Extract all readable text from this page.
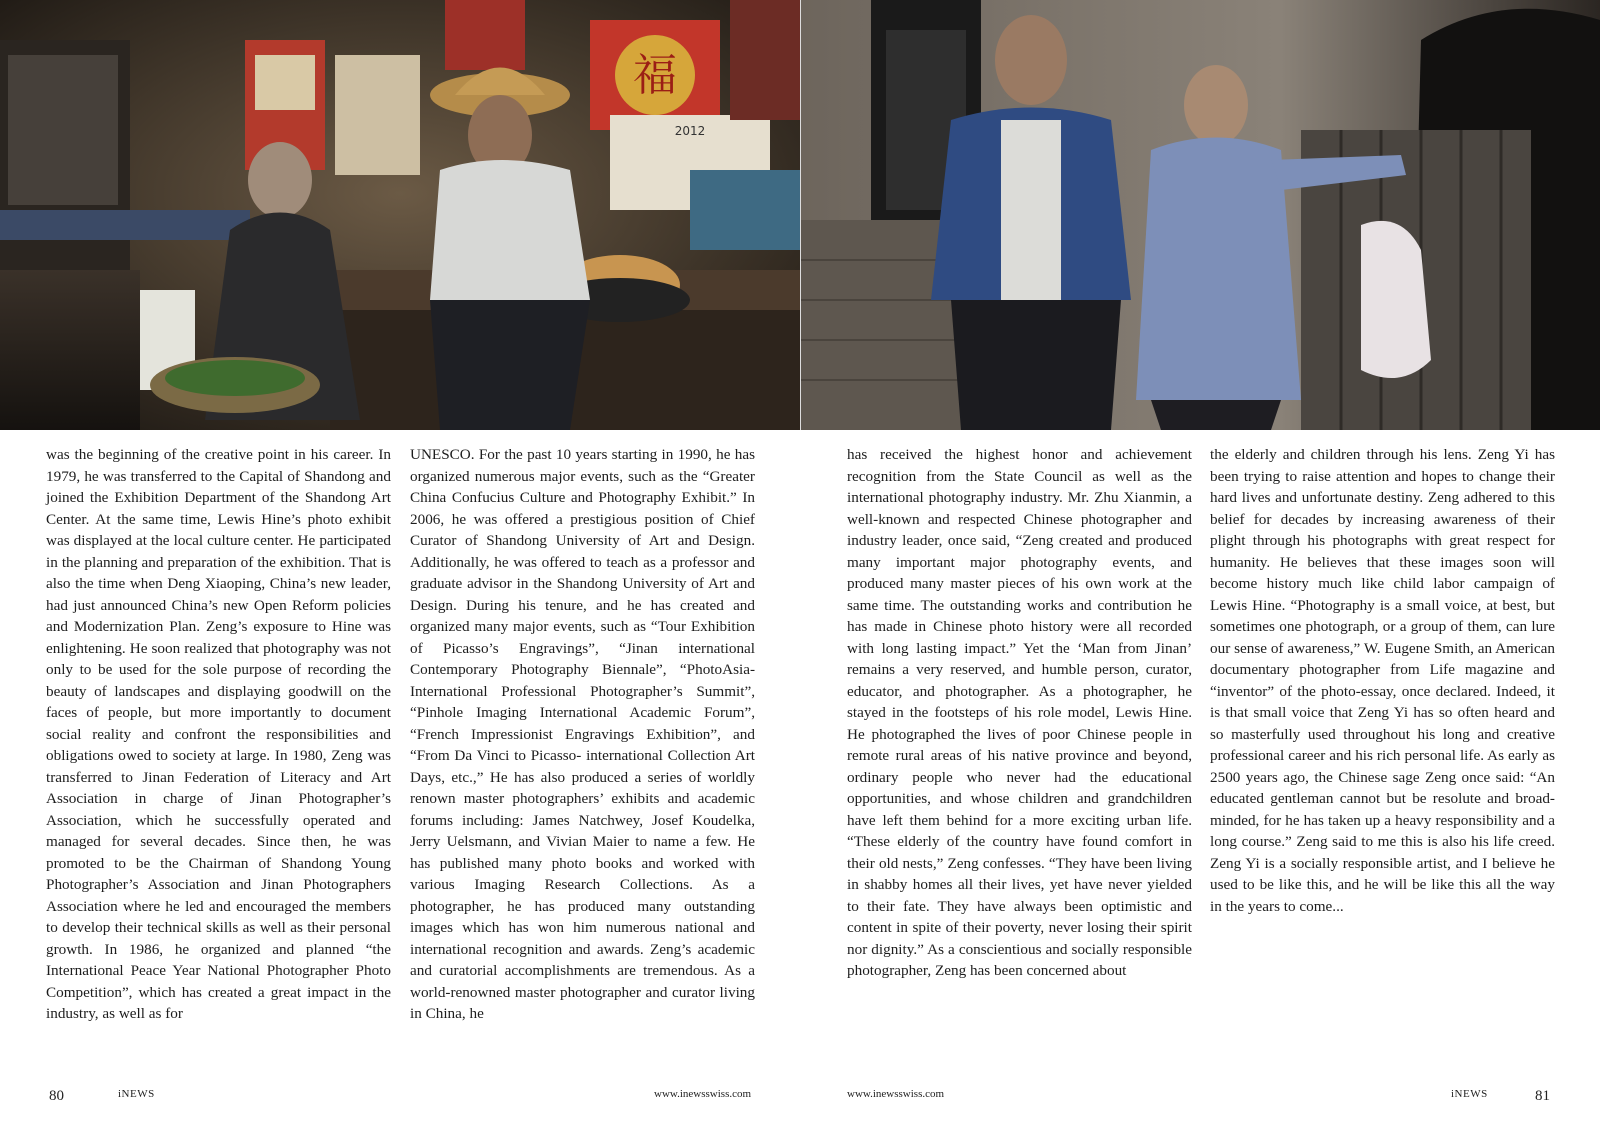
福
2012

was the beginning of the creative point in his career. In 1979, he was transferred to the Capital of Shandong and joined the Exhibition Department of the Shandong Art Center. At the same time, Lewis Hine’s photo exhibit was displayed at the local culture center. He participated in the planning and preparation of the exhibition. That is also the time when Deng Xiaoping, China’s new leader, had just announced China’s new Open Reform policies and Modernization Plan. Zeng’s exposure to Hine was enlightening. He soon realized that photography was not only to be used for the sole purpose of recording the beauty of landscapes and displaying goodwill on the faces of people, but more importantly to document social reality and confront the responsibilities and obligations owed to society at large. In 1980, Zeng was transferred to Jinan Federation of Literacy and Art Association in charge of Jinan Photographer’s Association, which he successfully operated and managed for several decades. Since then, he was promoted to be the Chairman of Shandong Young Photographer’s Association and Jinan Photographers Association where he led and encouraged the members to develop their technical skills as well as their personal growth. In 1986, he organized and planned “the International Peace Year National Photographer Photo Competition”, which has created a great impact in the industry, as well as for

UNESCO. For the past 10 years starting in 1990, he has organized numerous major events, such as the “Greater China Confucius Culture and Photography Exhibit.” In 2006, he was offered a prestigious position of Chief Curator of Shandong University of Art and Design. Additionally, he was offered to teach as a professor and graduate advisor in the Shandong University of Art and Design. During his tenure, and he has created and organized many major events, such as “Tour Exhibition of Picasso’s Engravings”, “Jinan international Contemporary Photography Biennale”, “PhotoAsia-International Professional Photographer’s Summit”, “Pinhole Imaging International Academic Forum”, “French Impressionist Engravings Exhibition”, and “From Da Vinci to Picasso- international Collection Art Days, etc.,” He has also produced a series of worldly renown master photographers’ exhibits and academic forums including: James Natchwey, Josef Koudelka, Jerry Uelsmann, and Vivian Maier to name a few. He has published many photo books and worked with various Imaging Research Collections. As a photographer, he has produced many outstanding images which has won him numerous national and international recognition and awards. Zeng’s academic and curatorial accomplishments are tremendous. As a world-renowned master photographer and curator living in China, he

has received the highest honor and achievement recognition from the State Council as well as the international photography industry. Mr. Zhu Xianmin, a well-known and respected Chinese photographer and industry leader, once said, “Zeng created and produced many important major photography events, and produced many master pieces of his own work at the same time. The outstanding works and contribution he has made in Chinese photo history were all recorded with long lasting impact.” Yet the ‘Man from Jinan’ remains a very reserved, and humble person, curator, educator, and photographer. As a photographer, he stayed in the footsteps of his role model, Lewis Hine. He photographed the lives of poor Chinese people in remote rural areas of his native province and beyond, ordinary people who never had the educational opportunities, and whose children and grandchildren have left them behind for a more exciting urban life. “These elderly of the country have found comfort in their old nests,” Zeng confesses. “They have been living in shabby homes all their lives, yet have never yielded to their fate. They have always been optimistic and content in spite of their poverty, never losing their spirit nor dignity.” As a conscientious and socially responsible photographer, Zeng has been concerned about

the elderly and children through his lens. Zeng Yi has been trying to raise attention and hopes to change their hard lives and unfortunate destiny. Zeng adhered to this belief for decades by increasing awareness of their plight through his photographs with great respect for humanity. He believes that these images soon will become history much like child labor campaign of Lewis Hine. “Photography is a small voice, at best, but sometimes one photograph, or a group of them, can lure our sense of awareness,” W. Eugene Smith, an American documentary photographer from Life magazine and “inventor” of the photo-essay, once declared. Indeed, it is that small voice that Zeng Yi has so often heard and so masterfully used throughout his long and creative professional career and his rich personal life. As early as 2500 years ago, the Chinese sage Zeng once said: “An educated gentleman cannot but be resolute and broad-minded, for he has taken up a heavy responsibility and a long course.” Zeng said to me this is also his life creed. Zeng Yi is a socially responsible artist, and I believe he used to be like this, and he will be like this all the way in the years to come...

80	iNEWS	www.inewsswiss.com	www.inewsswiss.com	iNEWS	81
